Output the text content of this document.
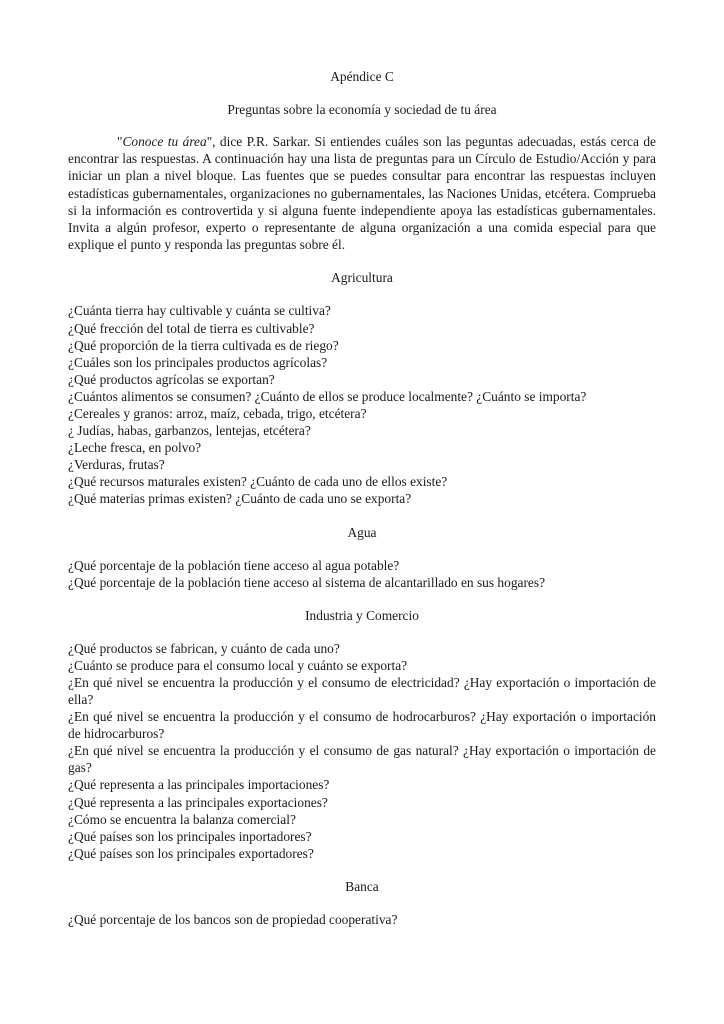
Apéndice C

Preguntas sobre la economía y sociedad de tu área

"Conoce tu área", dice P.R. Sarkar. Si entiendes cuáles son las peguntas adecuadas, estás cerca de encontrar las respuestas. A continuación hay una lista de preguntas para un Círculo de Estudio/Acción y para iniciar un plan a nivel bloque. Las fuentes que se puedes consultar para encontrar las respuestas incluyen estadísticas gubernamentales, organizaciones no gubernamentales, las Naciones Unidas, etcétera. Comprueba si la información es controvertida y si alguna fuente independiente apoya las estadísticas gubernamentales. Invita a algún profesor, experto o representante de alguna organización a una comida especial para que explique el punto y responda las preguntas sobre él.

Agricultura

¿Cuánta tierra hay cultivable y cuánta se cultiva?
¿Qué frección del total de tierra es cultivable?
¿Qué proporción de la tierra cultivada es de riego?
¿Cuáles son los principales productos agrícolas?
¿Qué productos agrícolas se exportan?
¿Cuántos alimentos se consumen? ¿Cuánto de ellos se produce localmente? ¿Cuánto se importa?
¿Cereales y granos: arroz, maíz, cebada, trigo, etcétera?
¿ Judías, habas, garbanzos, lentejas, etcétera?
¿Leche fresca, en polvo?
¿Verduras, frutas?
¿Qué recursos maturales existen? ¿Cuánto de cada uno de ellos existe?
¿Qué materias primas existen? ¿Cuánto de cada uno se exporta?

Agua

¿Qué porcentaje de la población tiene acceso al agua potable?
¿Qué porcentaje de la población tiene acceso al sistema de alcantarillado en sus hogares?

Industria y Comercio

¿Qué productos se fabrican, y cuánto de cada uno?
¿Cuánto se produce para el consumo local y cuánto se exporta?
¿En qué nivel se encuentra la producción y el consumo de electricidad? ¿Hay exportación o importación de ella?
¿En qué nivel se encuentra la producción y el consumo de hodrocarburos? ¿Hay exportación o importación de hidrocarburos?
¿En qué nivel se encuentra la producción y el consumo de gas natural? ¿Hay exportación o importación de gas?
¿Qué representa a las principales importaciones?
¿Qué representa a las principales exportaciones?
¿Cómo se encuentra la balanza comercial?
¿Qué países son los principales inportadores?
¿Qué países son los principales exportadores?

Banca

¿Qué porcentaje de los bancos son de propiedad cooperativa?
